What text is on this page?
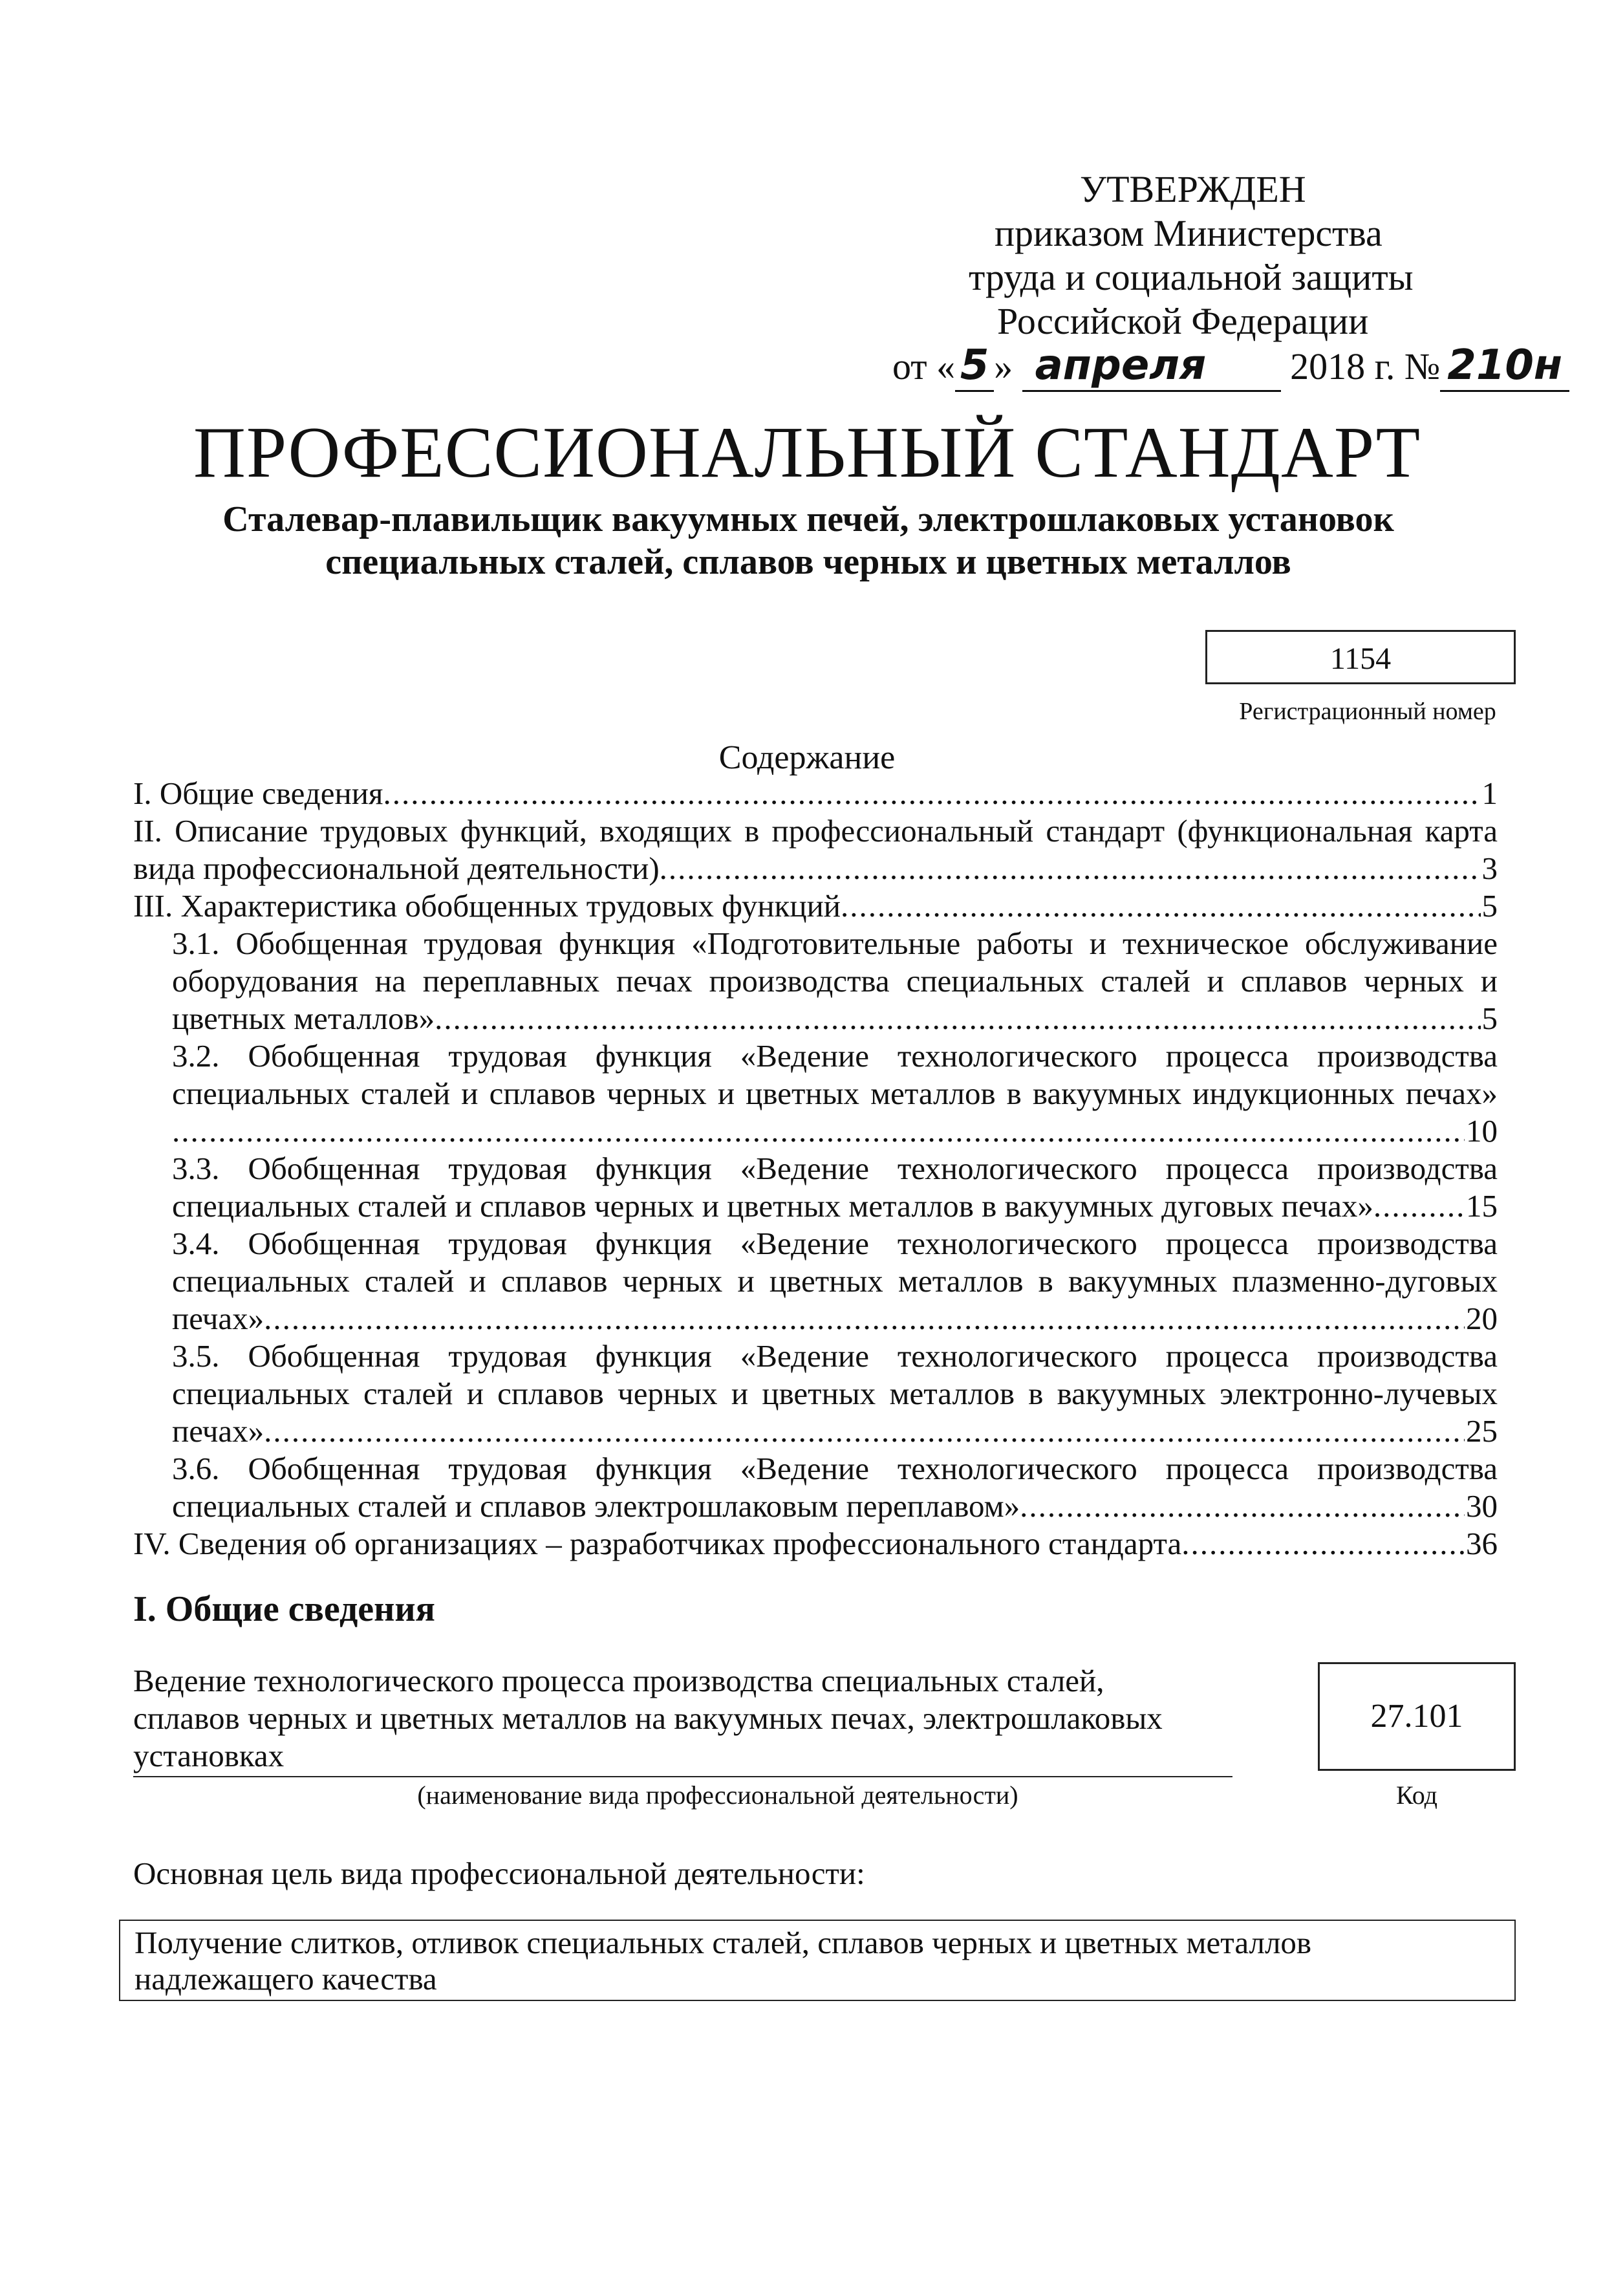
УТВЕРЖДЕН
приказом Министерства
труда и социальной защиты
Российской Федерации
от « 5 » апреля 2018 г. № 210н
ПРОФЕССИОНАЛЬНЫЙ СТАНДАРТ
Сталевар-плавильщик вакуумных печей, электрошлаковых установок
специальных сталей, сплавов черных и цветных металлов
1154
Регистрационный номер
Содержание
I. Общие сведения .....	1
II. Описание трудовых функций, входящих в профессиональный стандарт (функциональная карта
вида профессиональной деятельности) .....	3
III. Характеристика обобщенных трудовых функций .....	5
3.1. Обобщенная трудовая функция «Подготовительные работы и техническое обслуживание
оборудования на переплавных печах производства специальных сталей и сплавов черных и
цветных металлов» .....	5
3.2. Обобщенная трудовая функция «Ведение технологического процесса производства
специальных сталей и сплавов черных и цветных металлов в вакуумных индукционных печах»
.....
10
3.3. Обобщенная трудовая функция «Ведение технологического процесса производства
специальных сталей и сплавов черных и цветных металлов в вакуумных дуговых печах» .....	15
3.4. Обобщенная трудовая функция «Ведение технологического процесса производства
специальных сталей и сплавов черных и цветных металлов в вакуумных плазменно-дуговых
печах» .....	20
3.5. Обобщенная трудовая функция «Ведение технологического процесса производства
специальных сталей и сплавов черных и цветных металлов в вакуумных электронно-лучевых
печах» .....	25
3.6. Обобщенная трудовая функция «Ведение технологического процесса производства
специальных сталей и сплавов электрошлаковым переплавом» .....	30
IV. Сведения об организациях – разработчиках профессионального стандарта .....	36
I. Общие сведения
Ведение технологического процесса производства специальных сталей,
сплавов черных и цветных металлов на вакуумных печах, электрошлаковых
установках
(наименование вида профессиональной деятельности)
27.101
Код
Основная цель вида профессиональной деятельности:
Получение слитков, отливок специальных сталей, сплавов черных и цветных металлов
надлежащего качества
